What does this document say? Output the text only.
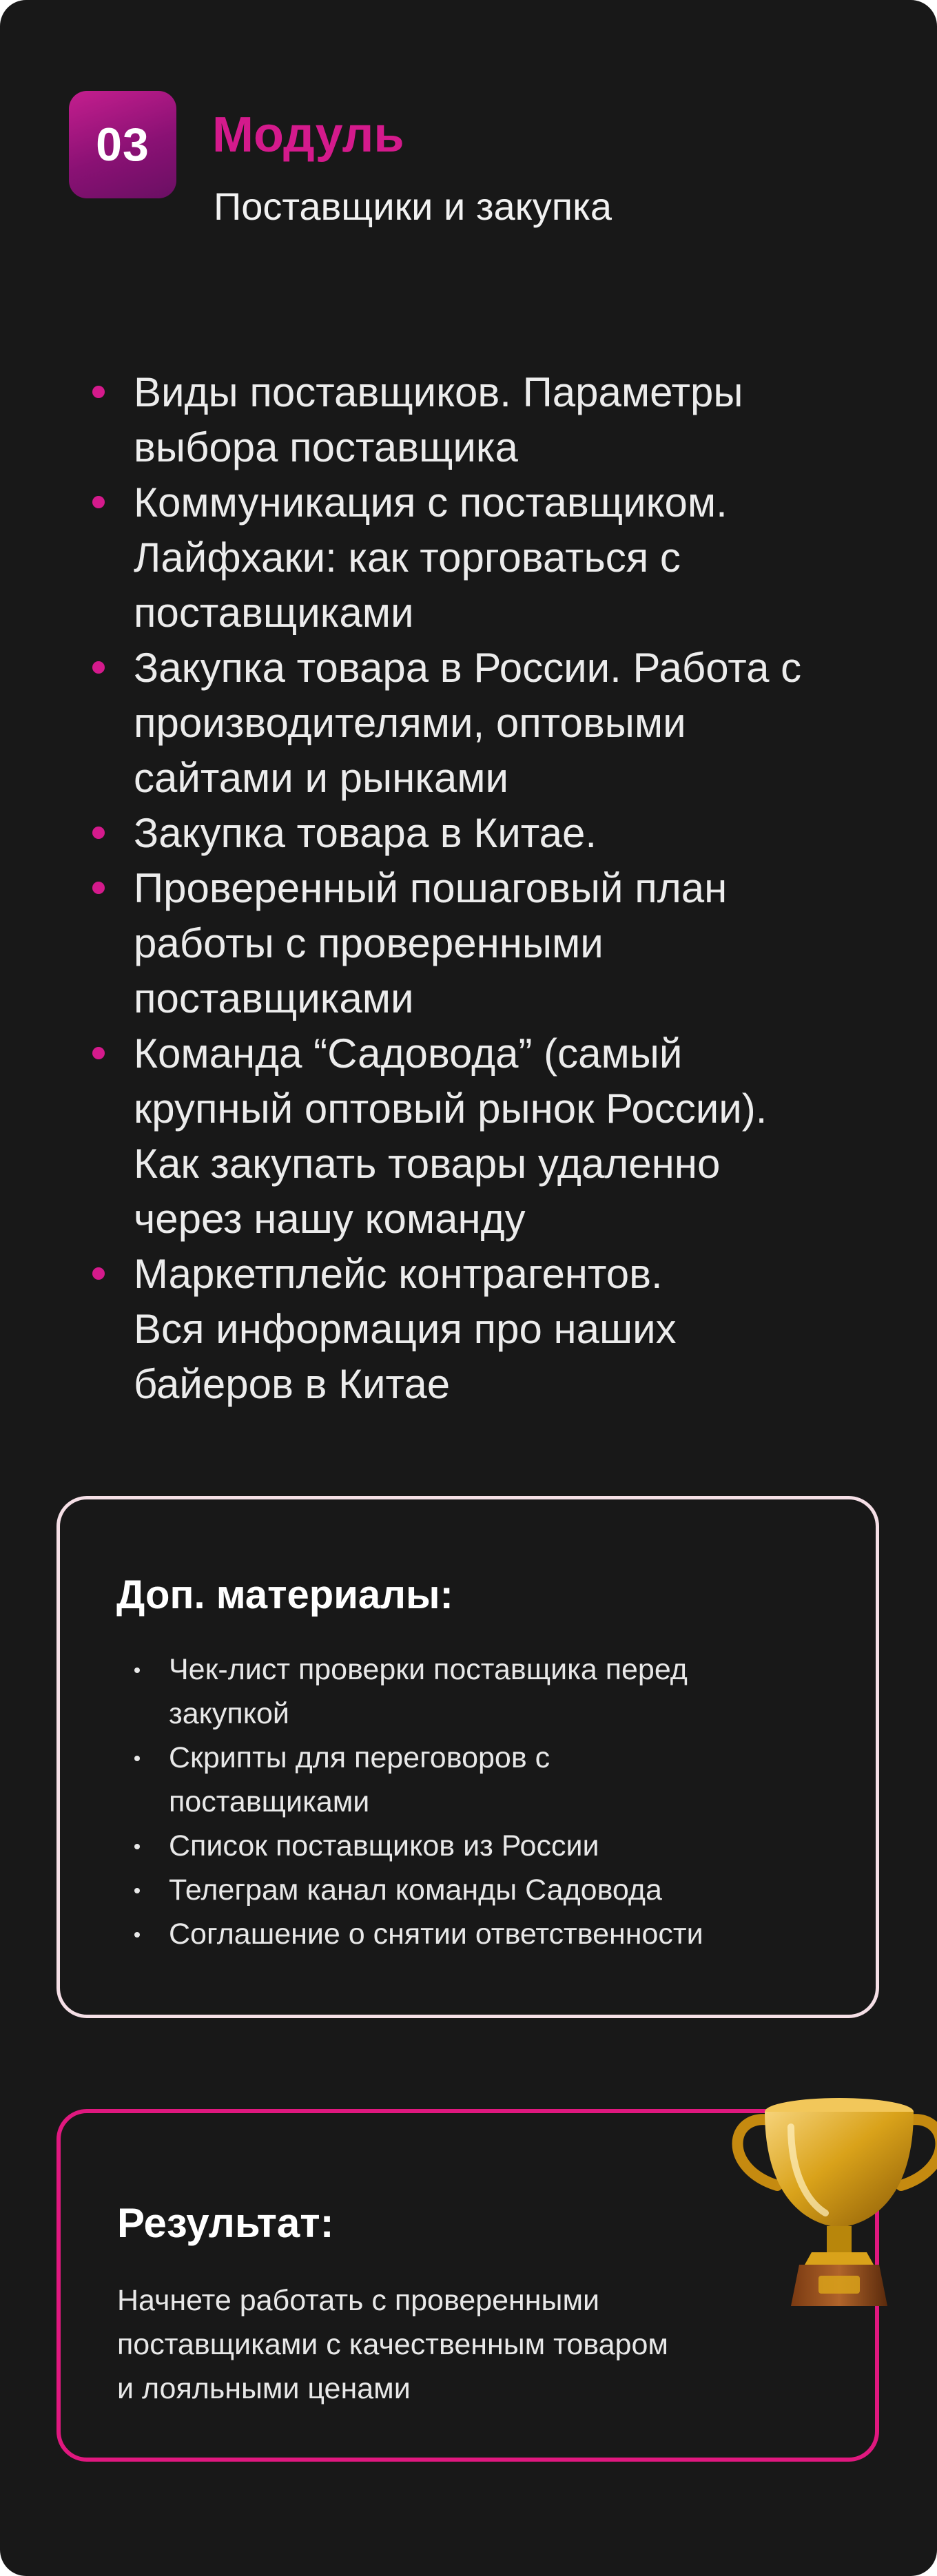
03 Модуль
Поставщики и закупка
Виды поставщиков. Параметры
выбора поставщика
Коммуникация с поставщиком.
Лайфхаки: как торговаться с
поставщиками
Закупка товара в России. Работа с
производителями, оптовыми
сайтами и рынками
Закупка товара в Китае.
Проверенный пошаговый план
работы с проверенными
поставщиками
Команда “Садовода” (самый
крупный оптовый рынок России).
Как закупать товары удаленно
через нашу команду
Маркетплейс контрагентов.
Вся информация про наших
байеров в Китае
Доп. материалы:
Чек-лист проверки поставщика перед
закупкой
Скрипты для переговоров с
поставщиками
Список поставщиков из России
Телеграм канал команды Садовода
Соглашение о снятии ответственности
Результат:
Начнете работать с проверенными
поставщиками с качественным товаром
и лояльными ценами
